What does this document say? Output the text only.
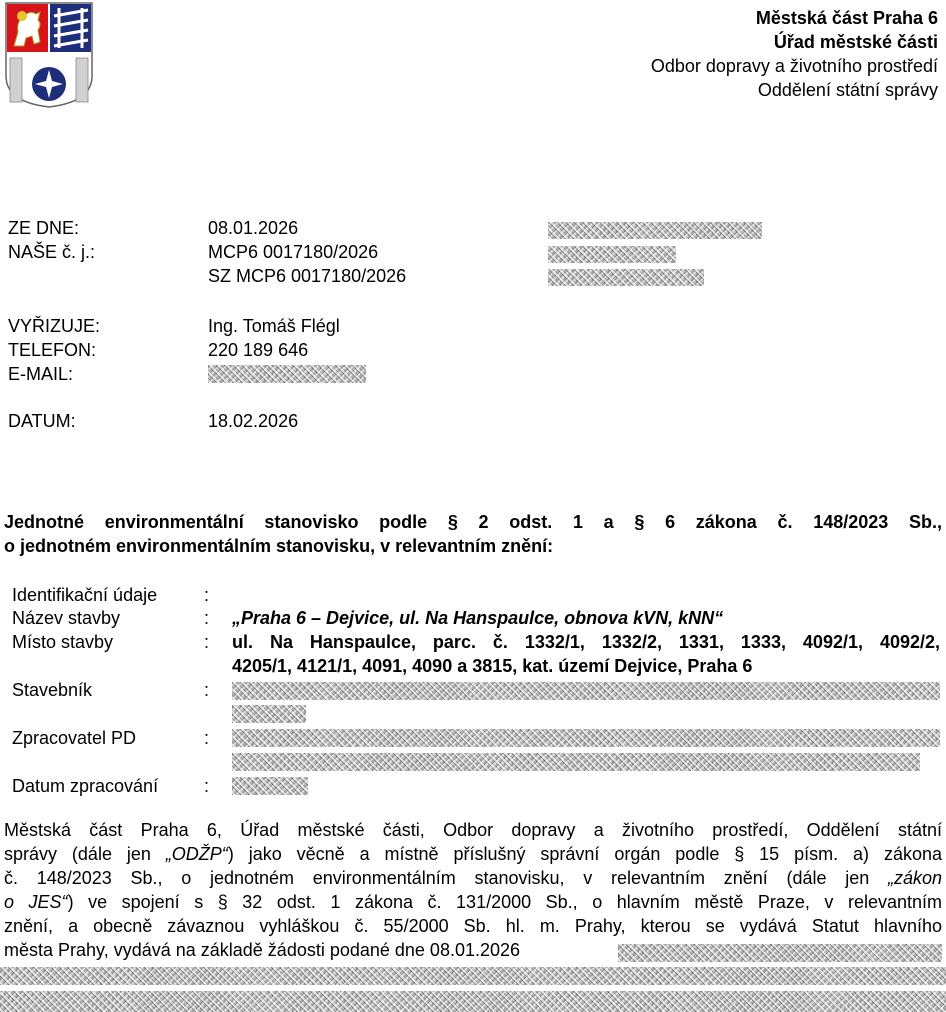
Městská část Praha 6
Úřad městské části
Odbor dopravy a životního prostředí
Oddělení státní správy
ZE DNE:	08.01.2026
NAŠE č. j.:	MCP6 0017180/2026
SZ MCP6 0017180/2026
VYŘIZUJE:	Ing. Tomáš Flégl
TELEFON:	220 189 646
E-MAIL:
DATUM:	18.02.2026
Jednotné environmentální stanovisko podle § 2 odst. 1 a § 6 zákona č. 148/2023 Sb.,
o jednotném environmentálním stanovisku, v relevantním znění:
Identifikační údaje	:
Název stavby	: „Praha 6 – Dejvice, ul. Na Hanspaulce, obnova kVN, kNN“
Místo stavby	: ul. Na Hanspaulce, parc. č. 1332/1, 1332/2, 1331, 1333, 4092/1, 4092/2,
4205/1, 4121/1, 4091, 4090 a 3815, kat. území Dejvice, Praha 6
Stavebník	:
Zpracovatel PD	:
Datum zpracování	:
Městská část Praha 6, Úřad městské části, Odbor dopravy a životního prostředí, Oddělení státní
správy (dále jen „ODŽP“) jako věcně a místně příslušný správní orgán podle § 15 písm. a) zákona
č. 148/2023 Sb., o jednotném environmentálním stanovisku, v relevantním znění (dále jen „zákon
o JES“) ve spojení s § 32 odst. 1 zákona č. 131/2000 Sb., o hlavním městě Praze, v relevantním
znění, a obecně závaznou vyhláškou č. 55/2000 Sb. hl. m. Prahy, kterou se vydává Statut hlavního
města Prahy, vydává na základě žádosti podané dne 08.01.2026
